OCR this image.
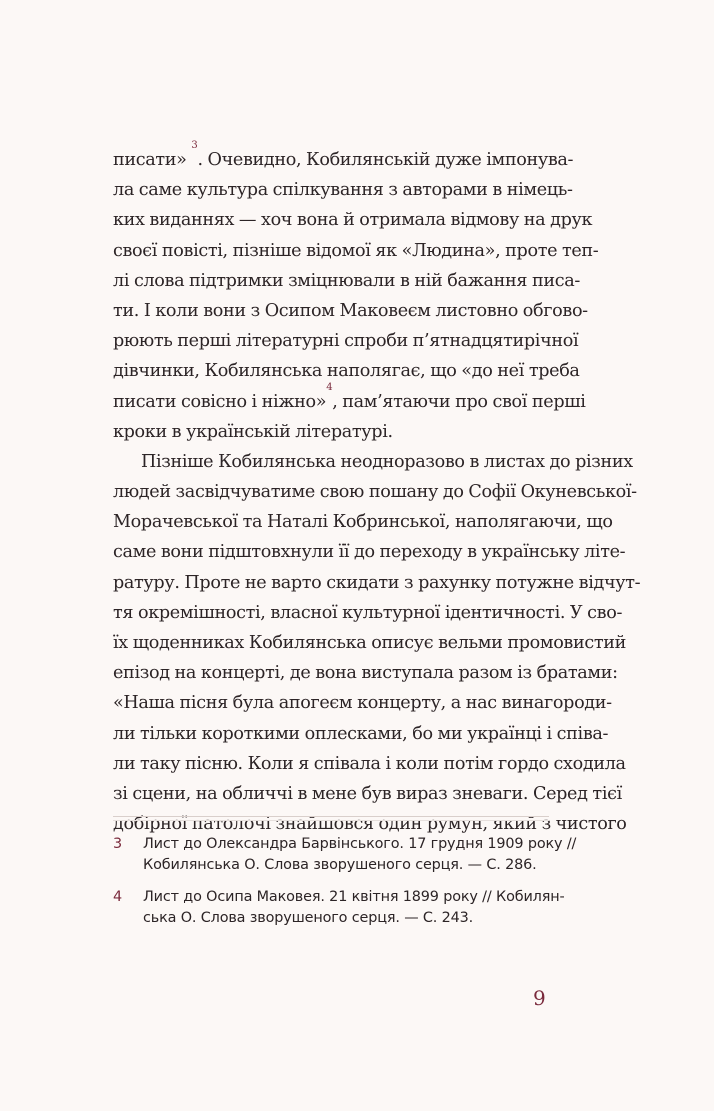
писати» $^3$. Очевидно, Кобилянській дуже імпонува-
ла саме культура спілкування з авторами в німець-
ких виданнях — хоч вона й отримала відмову на друк
своєї повісті, пізніше відомої як «Людина», проте теп-
лі слова підтримки зміцнювали в ній бажання писа-
ти. І коли вони з Осипом Маковеєм листовно обгово-
рюють перші літературні спроби п’ятнадцятирічної
дівчинки, Кобилянська наполягає, що «до неї треба
писати совісно і ніжно»$^4$, пам’ятаючи про свої перші
кроки в українській літературі.
Пізніше Кобилянська неодноразово в листах до різних
людей засвідчуватиме свою пошану до Софії Окуневської-
Морачевської та Наталі Кобринської, наполягаючи, що
саме вони підштовхнули її до переходу в українську літе-
ратуру. Проте не варто скидати з рахунку потужне відчут-
тя окремішності, власної культурної ідентичності. У сво-
їх щоденниках Кобилянська описує вельми промовистий
епізод на концерті, де вона виступала разом із братами:
«Наша пісня була апогеєм концерту, а нас винагороди-
ли тільки короткими оплесками, бо ми українці і співа-
ли таку пісню. Коли я співала і коли потім гордо сходила
зі сцени, на обличчі в мене був вираз зневаги. Серед тієї
добірної патолочі знайшовся один румун, який з чистого
3 Лист до Олександра Барвінського. 17 грудня 1909 року //
Кобилянська О. Слова зворушеного серця. — С. 286.
4 Лист до Осипа Маковея. 21 квітня 1899 року // Кобилян-
ська О. Слова зворушеного серця. — С. 243.
9
